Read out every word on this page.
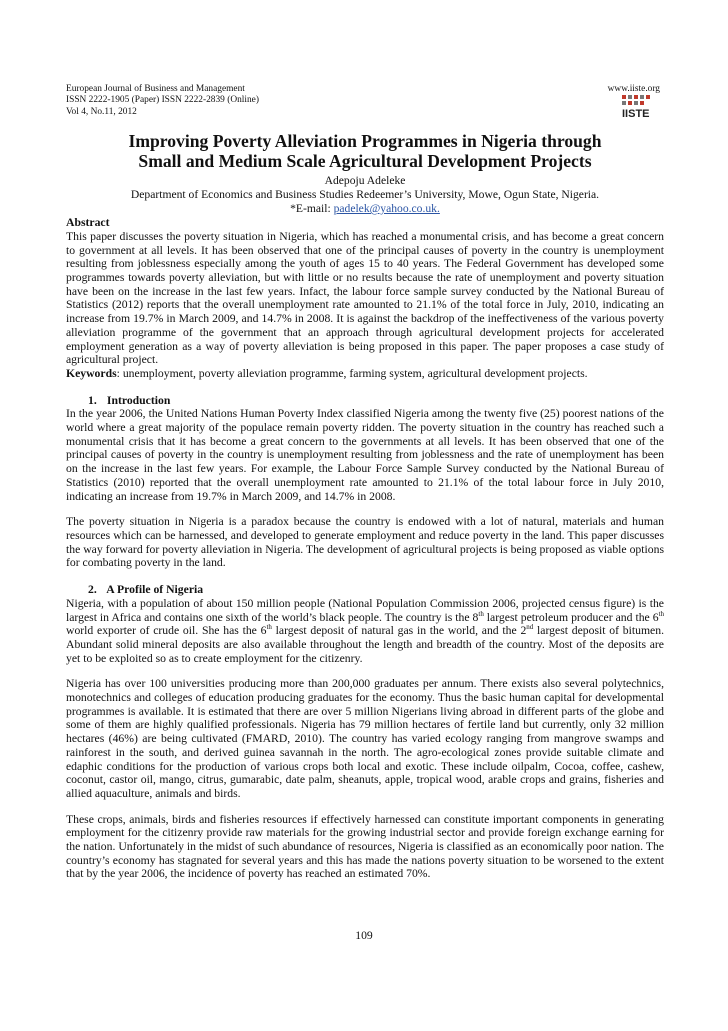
European Journal of Business and Management
ISSN 2222-1905 (Paper) ISSN 2222-2839 (Online)
Vol 4, No.11, 2012
www.iiste.org
Improving Poverty Alleviation Programmes in Nigeria through
Small and Medium Scale Agricultural Development Projects
Adepoju Adeleke
Department of Economics and Business Studies Redeemer’s University, Mowe, Ogun State, Nigeria.
*E-mail: padelek@yahoo.co.uk.
Abstract
This paper discusses the poverty situation in Nigeria, which has reached a monumental crisis, and has become a great concern to government at all levels. It has been observed that one of the principal causes of poverty in the country is unemployment resulting from joblessness especially among the youth of ages 15 to 40 years. The Federal Government has developed some programmes towards poverty alleviation, but with little or no results because the rate of unemployment and poverty situation have been on the increase in the last few years. Infact, the labour force sample survey conducted by the National Bureau of Statistics (2012) reports that the overall unemployment rate amounted to 21.1% of the total force in July, 2010, indicating an increase from 19.7% in March 2009, and 14.7% in 2008. It is against the backdrop of the ineffectiveness of the various poverty alleviation programme of the government that an approach through agricultural development projects for accelerated employment generation as a way of poverty alleviation is being proposed in this paper. The paper proposes a case study of agricultural project.
Keywords: unemployment, poverty alleviation programme, farming system, agricultural development projects.
1. Introduction
In the year 2006, the United Nations Human Poverty Index classified Nigeria among the twenty five (25) poorest nations of the world where a great majority of the populace remain poverty ridden. The poverty situation in the country has reached such a monumental crisis that it has become a great concern to the governments at all levels. It has been observed that one of the principal causes of poverty in the country is unemployment resulting from joblessness and the rate of unemployment has been on the increase in the last few years. For example, the Labour Force Sample Survey conducted by the National Bureau of Statistics (2010) reported that the overall unemployment rate amounted to 21.1% of the total labour force in July 2010, indicating an increase from 19.7% in March 2009, and 14.7% in 2008.
The poverty situation in Nigeria is a paradox because the country is endowed with a lot of natural, materials and human resources which can be harnessed, and developed to generate employment and reduce poverty in the land. This paper discusses the way forward for poverty alleviation in Nigeria. The development of agricultural projects is being proposed as viable options for combating poverty in the land.
2. A Profile of Nigeria
Nigeria, with a population of about 150 million people (National Population Commission 2006, projected census figure) is the largest in Africa and contains one sixth of the world’s black people. The country is the 8th largest petroleum producer and the 6th world exporter of crude oil. She has the 6th largest deposit of natural gas in the world, and the 2nd largest deposit of bitumen. Abundant solid mineral deposits are also available throughout the length and breadth of the country. Most of the deposits are yet to be exploited so as to create employment for the citizenry.
Nigeria has over 100 universities producing more than 200,000 graduates per annum. There exists also several polytechnics, monotechnics and colleges of education producing graduates for the economy. Thus the basic human capital for developmental programmes is available. It is estimated that there are over 5 million Nigerians living abroad in different parts of the globe and some of them are highly qualified professionals. Nigeria has 79 million hectares of fertile land but currently, only 32 million hectares (46%) are being cultivated (FMARD, 2010). The country has varied ecology ranging from mangrove swamps and rainforest in the south, and derived guinea savannah in the north. The agro-ecological zones provide suitable climate and edaphic conditions for the production of various crops both local and exotic. These include oilpalm, Cocoa, coffee, cashew, coconut, castor oil, mango, citrus, gumarabic, date palm, sheanuts, apple, tropical wood, arable crops and grains, fisheries and allied aquaculture, animals and birds.
These crops, animals, birds and fisheries resources if effectively harnessed can constitute important components in generating employment for the citizenry provide raw materials for the growing industrial sector and provide foreign exchange earning for the nation. Unfortunately in the midst of such abundance of resources, Nigeria is classified as an economically poor nation. The country’s economy has stagnated for several years and this has made the nations poverty situation to be worsened to the extent that by the year 2006, the incidence of poverty has reached an estimated 70%.
IISTE
109
